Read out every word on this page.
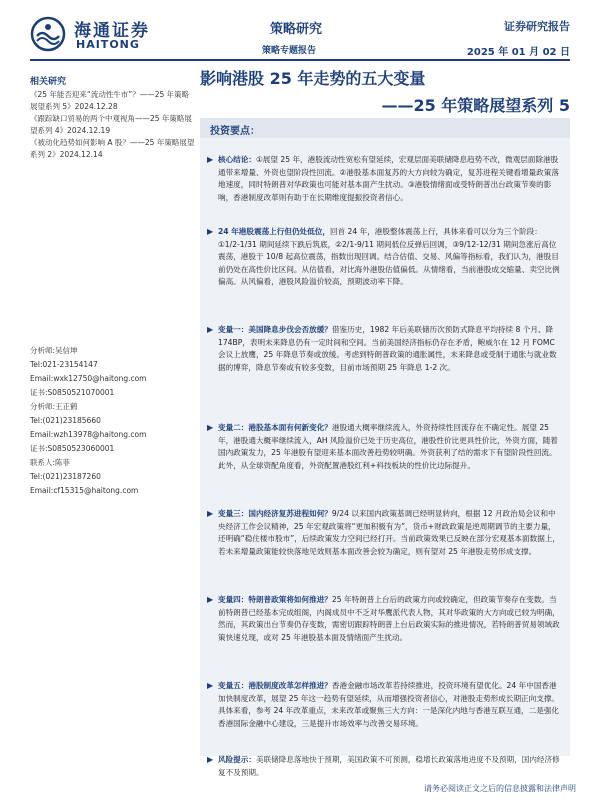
海通证券
HAITONG
策略研究
策略专题报告
证券研究报告
2025 年 01 月 02 日
影响港股 25 年走势的五大变量
——25 年策略展望系列 5
相关研究

《25 年能否迎来“流动性牛市”？——25 年策略展望系列 5》2024.12.28

《跟踪缺口贸易的两个中观视角——25 年策略展望系列 4》2024.12.19

《被动化趋势如何影响 A 股？——25 年策略展望系列 2》2024.12.14

分析师:吴信坤
Tel:021-23154147
Email:wxk12750@haitong.com
证书:S0850521070001
分析师:王正鹤
Tel:(021)23185660
Email:wzh13978@haitong.com
证书:S0850523060001
联系人:陈菲
Tel:(021)23187260
Email:cf15315@haitong.com
投资要点：
▶ 核心结论：①展望 25 年，港股流动性宽松有望延续，宏观层面美联储降息趋势不改，微观层面除港股通带来增量、外资也望阶段性回流。②港股基本面复苏的大方向较为确定，复苏进程关键看增量政策落地速度，同时特朗普对华政策也可能对基本面产生扰动。③港股情绪面或受特朗普出台政策节奏的影响，香港制度改革则有助于在长期维度提振投资者信心。
▶ 24 年港股震荡上行但仍处低位，回首 24 年，港股整体震荡上行，具体来看可以分为三个阶段：①1/2-1/31 期间延续下跌后筑底，②2/1-9/11 期间低位反弹后回调，③9/12-12/31 期间急涨后高位震荡，港股于 10/8 起高位震荡，指数出现回调。结合估值、交易、风偏等指标看，我们认为，港股目前仍处在高性价比区间。从估值看，对比海外港股估值偏低。从情绪看，当前港股成交缩量、卖空比例偏高。从风偏看，港股风险溢价较高，预期波动率下降。
▶ 变量一：美国降息步伐会否放缓？借鉴历史，1982 年后美联储历次预防式降息平均持续 8 个月、降 174BP，表明未来降息仍有一定时间和空间。当前美国经济指标仍存在矛盾，鲍威尔在 12 月 FOMC 会议上放鹰，25 年降息节奏或放缓。考虑到特朗普政策的通胀属性，未来降息或受制于通胀与就业数据的博弈，降息节奏或有较多变数，目前市场预期 25 年降息 1-2 次。
▶ 变量二：港股基本面有何新变化？港股通大概率继续流入，外资持续性回流存在不确定性。展望 25 年，港股通大概率继续流入，AH 风险溢价已处于历史高位，港股性价比更具性价比，外资方面，随着国内政策发力，25 年港股有望迎来基本面改善趋势较明确。外资获利了结的需求下有望阶段性回流。此外，从全球资配角度看，外资配置港股红利+科技板块的性价比边际提升。
▶ 变量三：国内经济复苏进程如何？9/24 以来国内政策基调已经明显转向，根据 12 月政治局会议和中央经济工作会议精神，25 年宏观政策将“更加积极有为”，货币+财政政策是逆周期调节的主要力量，还明确“稳住楼市股市”，后续政策发力空间已经打开。当前政策效果已反映在部分宏观基本面数据上，若未来增量政策能较快落地见效则基本面改善会较为确定，则有望对 25 年港股走势形成支撑。
▶ 变量四：特朗普政策将如何推进？25 年特朗普上台后的政策方向或较确定，但政策节奏存在变数。当前特朗普已经基本完成组阁，内阁成员中不乏对华鹰派代表人物，其对华政策的大方向或已较为明确，然而，其政策出台节奏仍存变数，需密切跟踪特朗普上台后政策实际的推进情况，若特朗普贸易领域政策快速兑现，或对 25 年港股基本面及情绪面产生扰动。
▶ 变量五：港股制度改革怎样推进？香港金融市场改革若持续推进，投资环境有望优化。24 年中国香港加快制度改革，展望 25 年这一趋势有望延续，从而增强投资者信心，对港股走势形成长期正向支撑。具体来看，参考 24 年改革重点，未来改革或聚焦三大方向：一是深化内地与香港互联互通，二是强化香港国际金融中心建设，三是提升市场效率与改善交易环境。
▶ 风险提示：美联储降息落地快于预期，美国政策不可预测，稳增长政策落地进度不及预期，国内经济修复不及预期。
请务必阅读正文之后的信息披露和法律声明
